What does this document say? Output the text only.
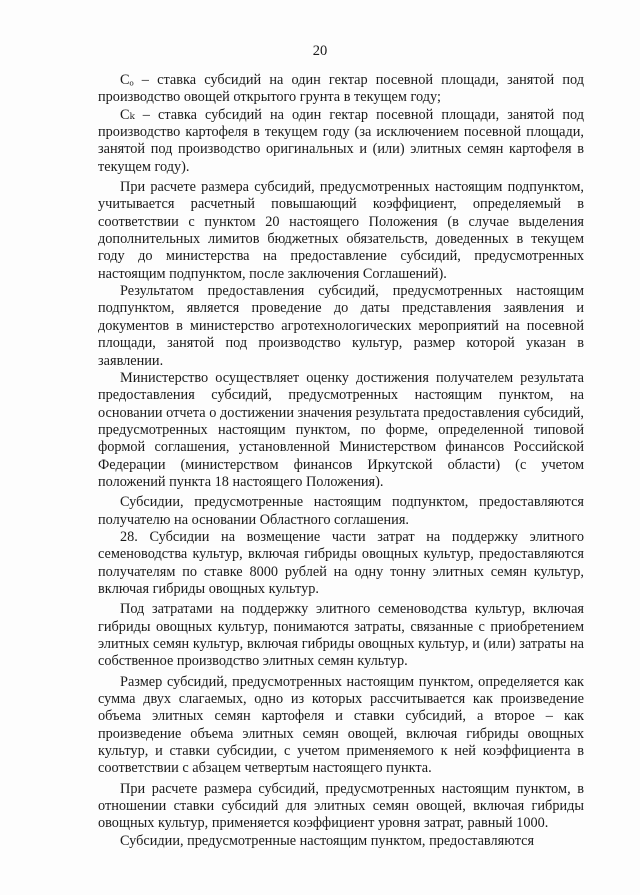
20

Сₒ – ставка субсидий на один гектар посевной площади, занятой под производство овощей открытого грунта в текущем году;

Сₖ – ставка субсидий на один гектар посевной площади, занятой под производство картофеля в текущем году (за исключением посевной площади, занятой под производство оригинальных и (или) элитных семян картофеля в текущем году).

При расчете размера субсидий, предусмотренных настоящим подпунктом, учитывается расчетный повышающий коэффициент, определяемый в соответствии с пунктом 20 настоящего Положения (в случае выделения дополнительных лимитов бюджетных обязательств, доведенных в текущем году до министерства на предоставление субсидий, предусмотренных настоящим подпунктом, после заключения Соглашений).

Результатом предоставления субсидий, предусмотренных настоящим подпунктом, является проведение до даты представления заявления и документов в министерство агротехнологических мероприятий на посевной площади, занятой под производство культур, размер которой указан в заявлении.

Министерство осуществляет оценку достижения получателем результата предоставления субсидий, предусмотренных настоящим пунктом, на основании отчета о достижении значения результата предоставления субсидий, предусмотренных настоящим пунктом, по форме, определенной типовой формой соглашения, установленной Министерством финансов Российской Федерации (министерством финансов Иркутской области) (с учетом положений пункта 18 настоящего Положения).

Субсидии, предусмотренные настоящим подпунктом, предоставляются получателю на основании Областного соглашения.

28. Субсидии на возмещение части затрат на поддержку элитного семеноводства культур, включая гибриды овощных культур, предоставляются получателям по ставке 8000 рублей на одну тонну элитных семян культур, включая гибриды овощных культур.

Под затратами на поддержку элитного семеноводства культур, включая гибриды овощных культур, понимаются затраты, связанные с приобретением элитных семян культур, включая гибриды овощных культур, и (или) затраты на собственное производство элитных семян культур.

Размер субсидий, предусмотренных настоящим пунктом, определяется как сумма двух слагаемых, одно из которых рассчитывается как произведение объема элитных семян картофеля и ставки субсидий, а второе – как произведение объема элитных семян овощей, включая гибриды овощных культур, и ставки субсидии, с учетом применяемого к ней коэффициента в соответствии с абзацем четвертым настоящего пункта.

При расчете размера субсидий, предусмотренных настоящим пунктом, в отношении ставки субсидий для элитных семян овощей, включая гибриды овощных культур, применяется коэффициент уровня затрат, равный 1000.

Субсидии, предусмотренные настоящим пунктом, предоставляются
